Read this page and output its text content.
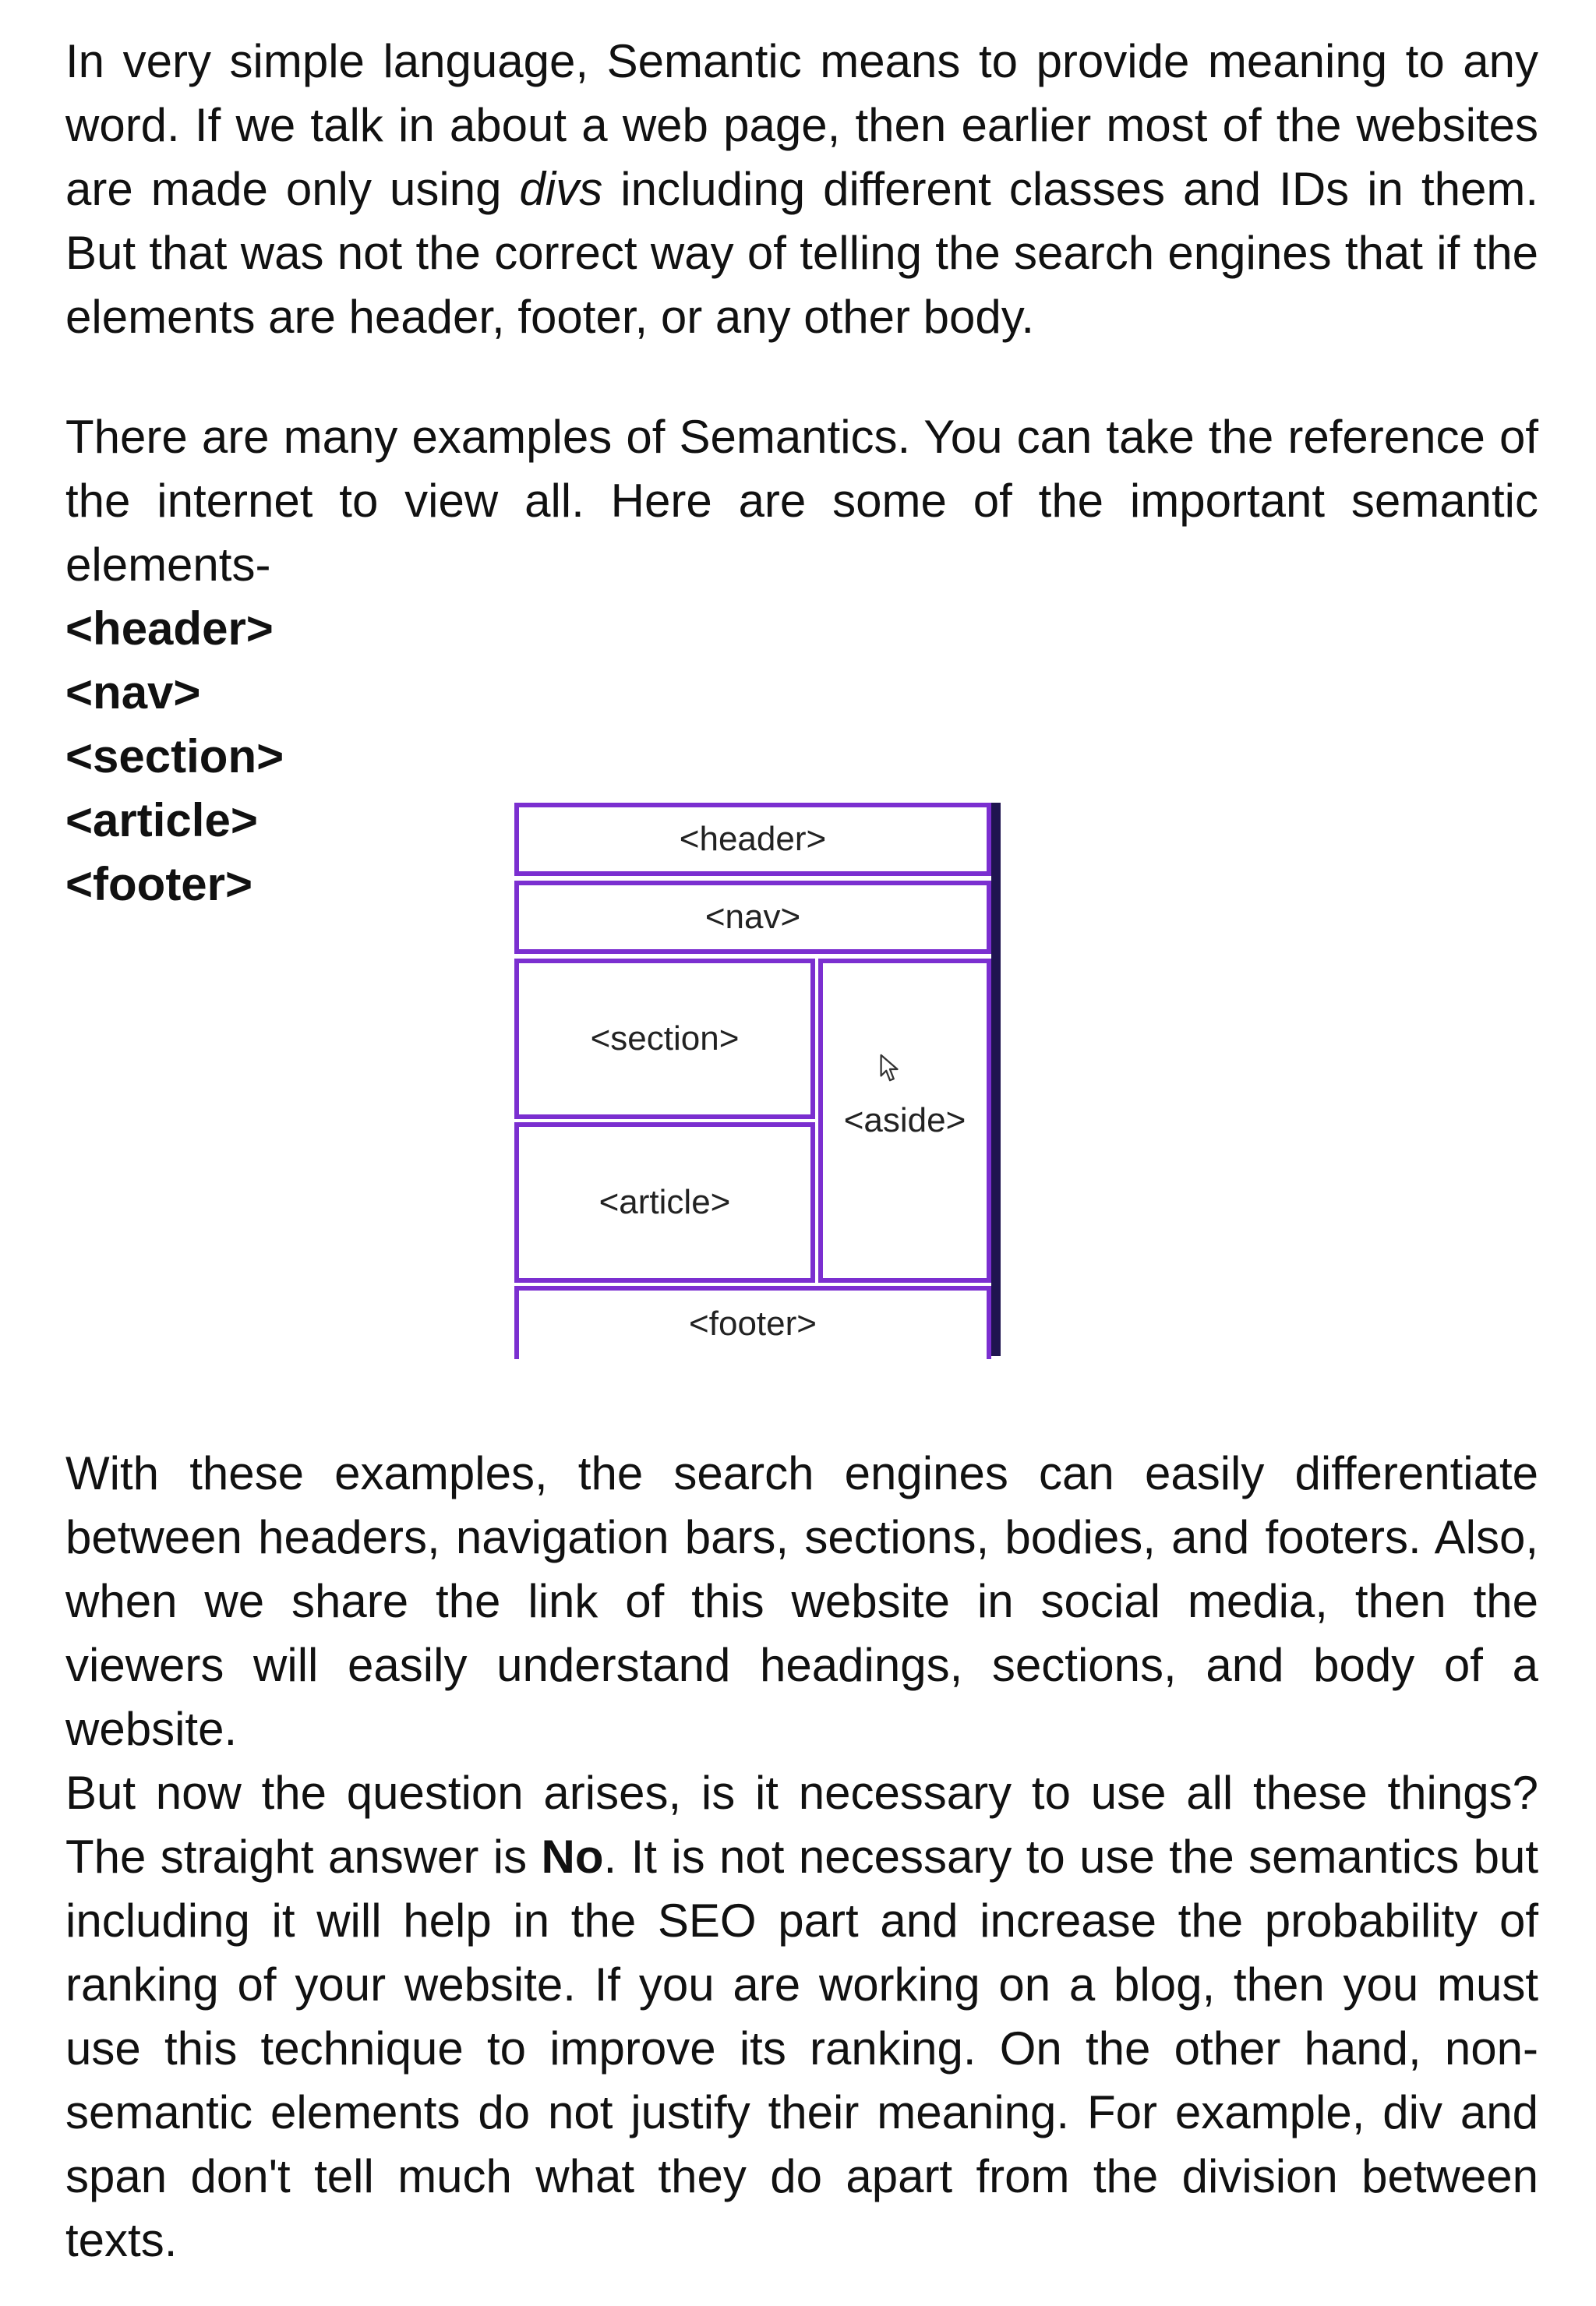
In very simple language, Semantic means to provide meaning to any word. If we talk in about a web page, then earlier most of the websites are made only using divs including different classes and IDs in them. But that was not the correct way of telling the search engines that if the elements are header, footer, or any other body.

There are many examples of Semantics. You can take the reference of the internet to view all. Here are some of the important semantic elements-

<header>

<nav>

<section>

<article>

<footer>

<header>
<nav>
<section>
<article>
<aside>
<footer>

With these examples, the search engines can easily differentiate between headers, navigation bars, sections, bodies, and footers. Also, when we share the link of this website in social media, then the viewers will easily understand headings, sections, and body of a website.

But now the question arises, is it necessary to use all these things? The straight answer is No. It is not necessary to use the semantics but including it will help in the SEO part and increase the probability of ranking of your website. If you are working on a blog, then you must use this technique to improve its ranking. On the other hand, non-semantic elements do not justify their meaning. For example, div and span don't tell much what they do apart from the division between texts.
